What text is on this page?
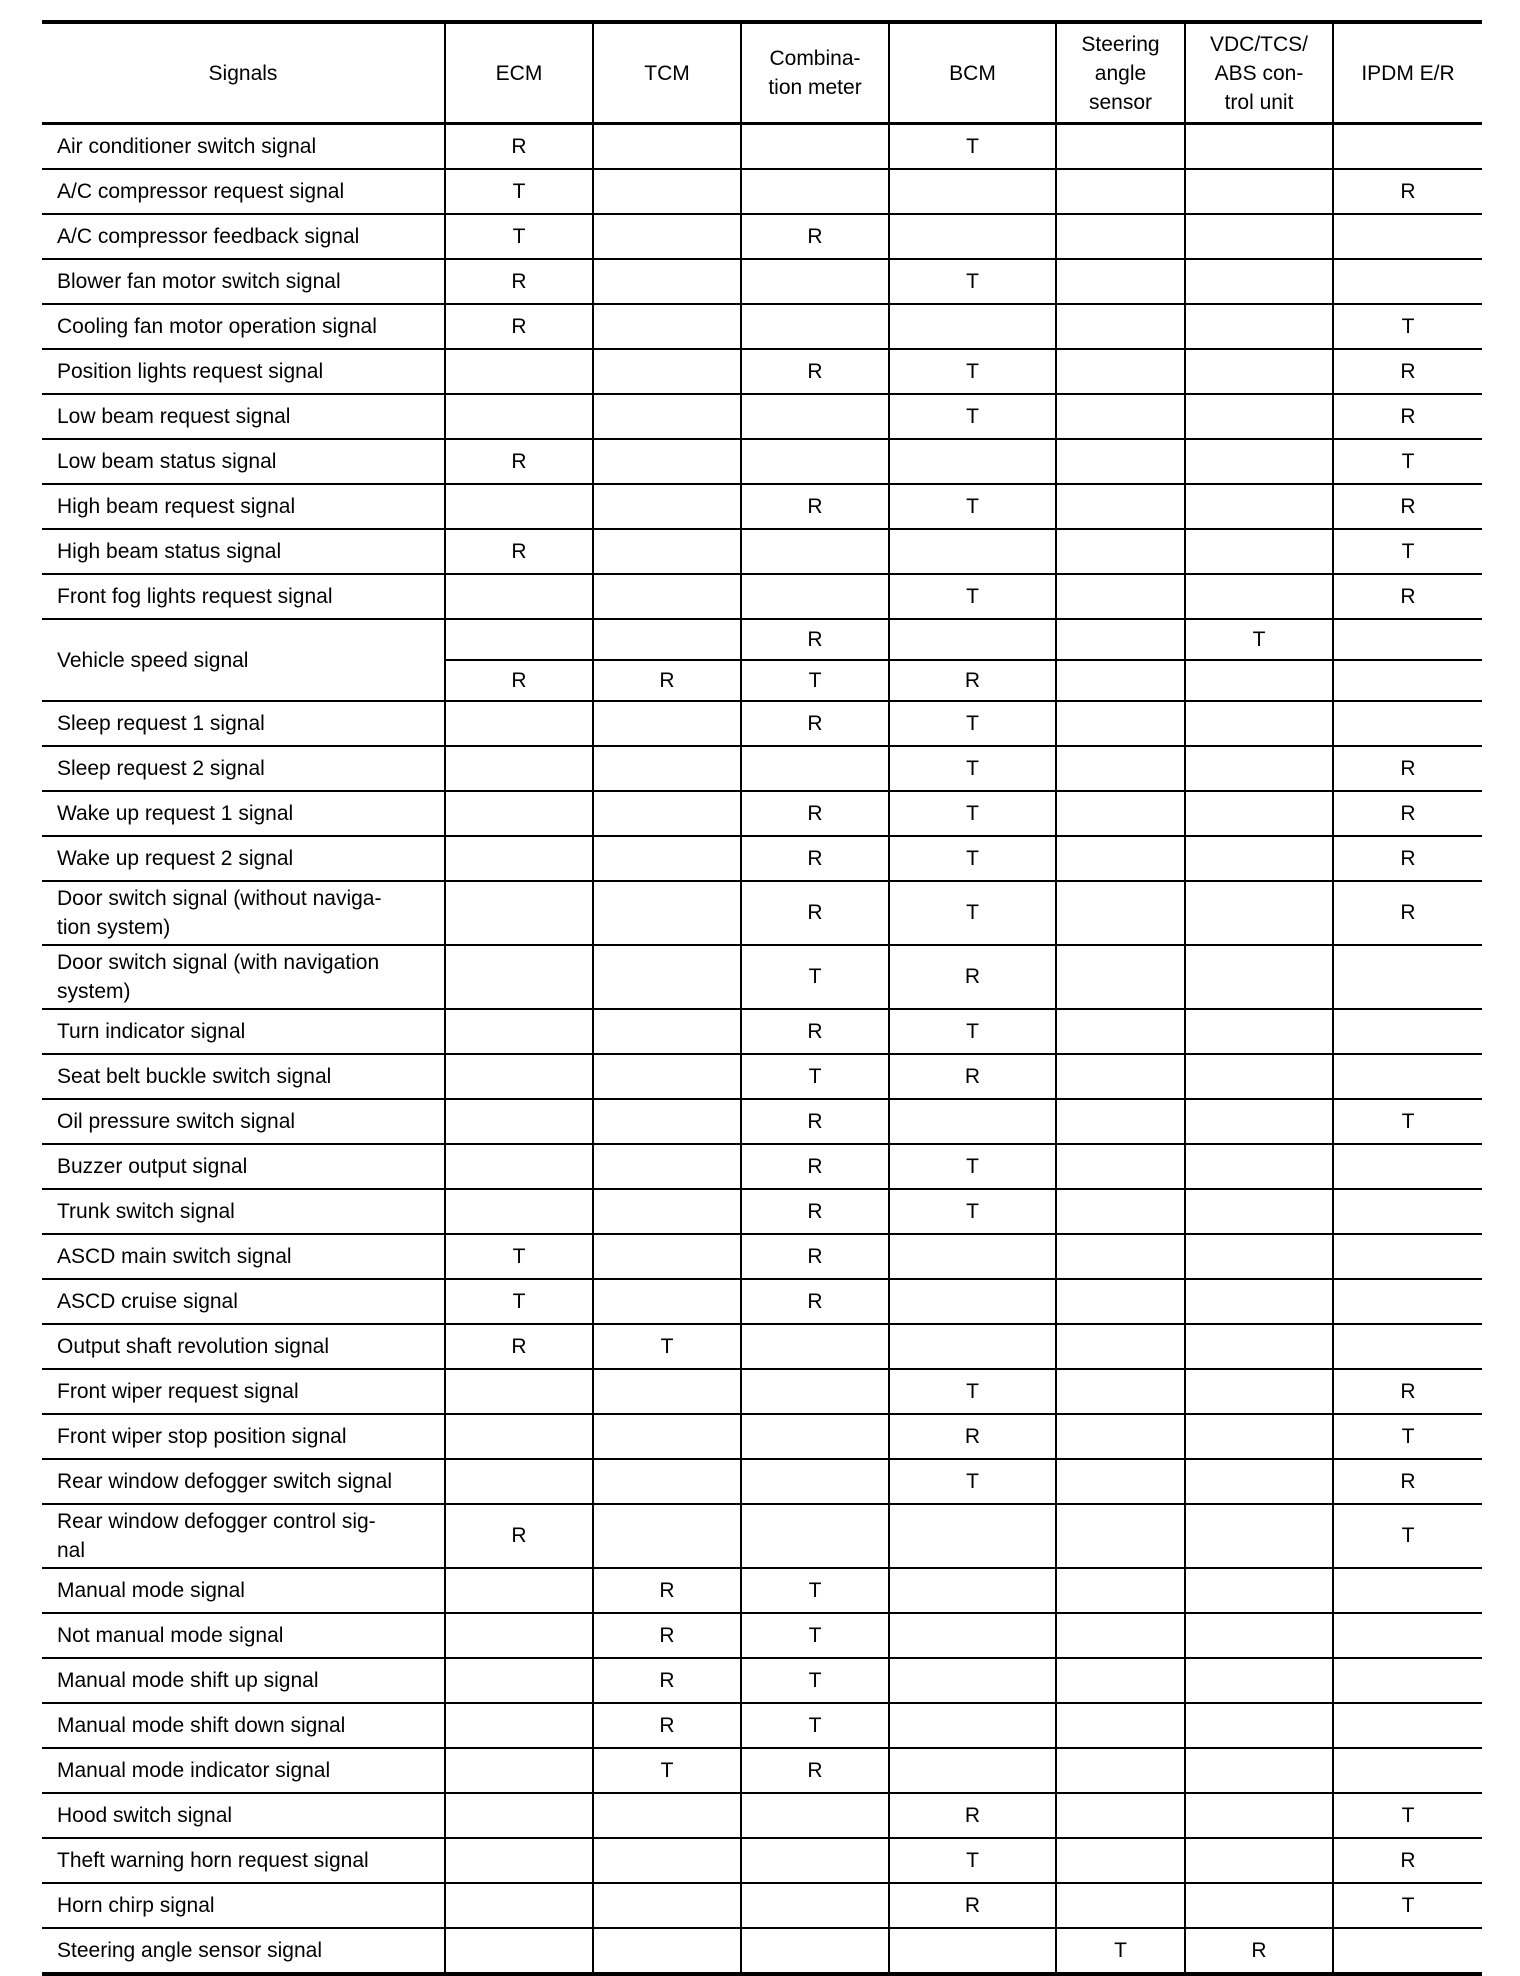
Signals	ECM	TCM	Combina-
tion meter	BCM	Steering
angle
sensor	VDC/TCS/
ABS con-
trol unit	IPDM E/R
Air conditioner switch signal	R			T			
A/C compressor request signal	T						R
A/C compressor feedback signal	T		R				
Blower fan motor switch signal	R			T			
Cooling fan motor operation signal	R						T
Position lights request signal			R	T			R
Low beam request signal				T			R
Low beam status signal	R						T
High beam request signal			R	T			R
High beam status signal	R						T
Front fog lights request signal				T			R
Vehicle speed signal			R			T	
	R	R	T	R			
Sleep request 1 signal			R	T			
Sleep request 2 signal				T			R
Wake up request 1 signal			R	T			R
Wake up request 2 signal			R	T			R
Door switch signal (without naviga-
tion system)			R	T			R
Door switch signal (with navigation
system)			T	R			
Turn indicator signal			R	T			
Seat belt buckle switch signal			T	R			
Oil pressure switch signal			R				T
Buzzer output signal			R	T			
Trunk switch signal			R	T			
ASCD main switch signal	T		R				
ASCD cruise signal	T		R				
Output shaft revolution signal	R	T					
Front wiper request signal				T			R
Front wiper stop position signal				R			T
Rear window defogger switch signal				T			R
Rear window defogger control sig-
nal	R						T
Manual mode signal		R	T				
Not manual mode signal		R	T				
Manual mode shift up signal		R	T				
Manual mode shift down signal		R	T				
Manual mode indicator signal		T	R				
Hood switch signal				R			T
Theft warning horn request signal				T			R
Horn chirp signal				R			T
Steering angle sensor signal					T	R	
